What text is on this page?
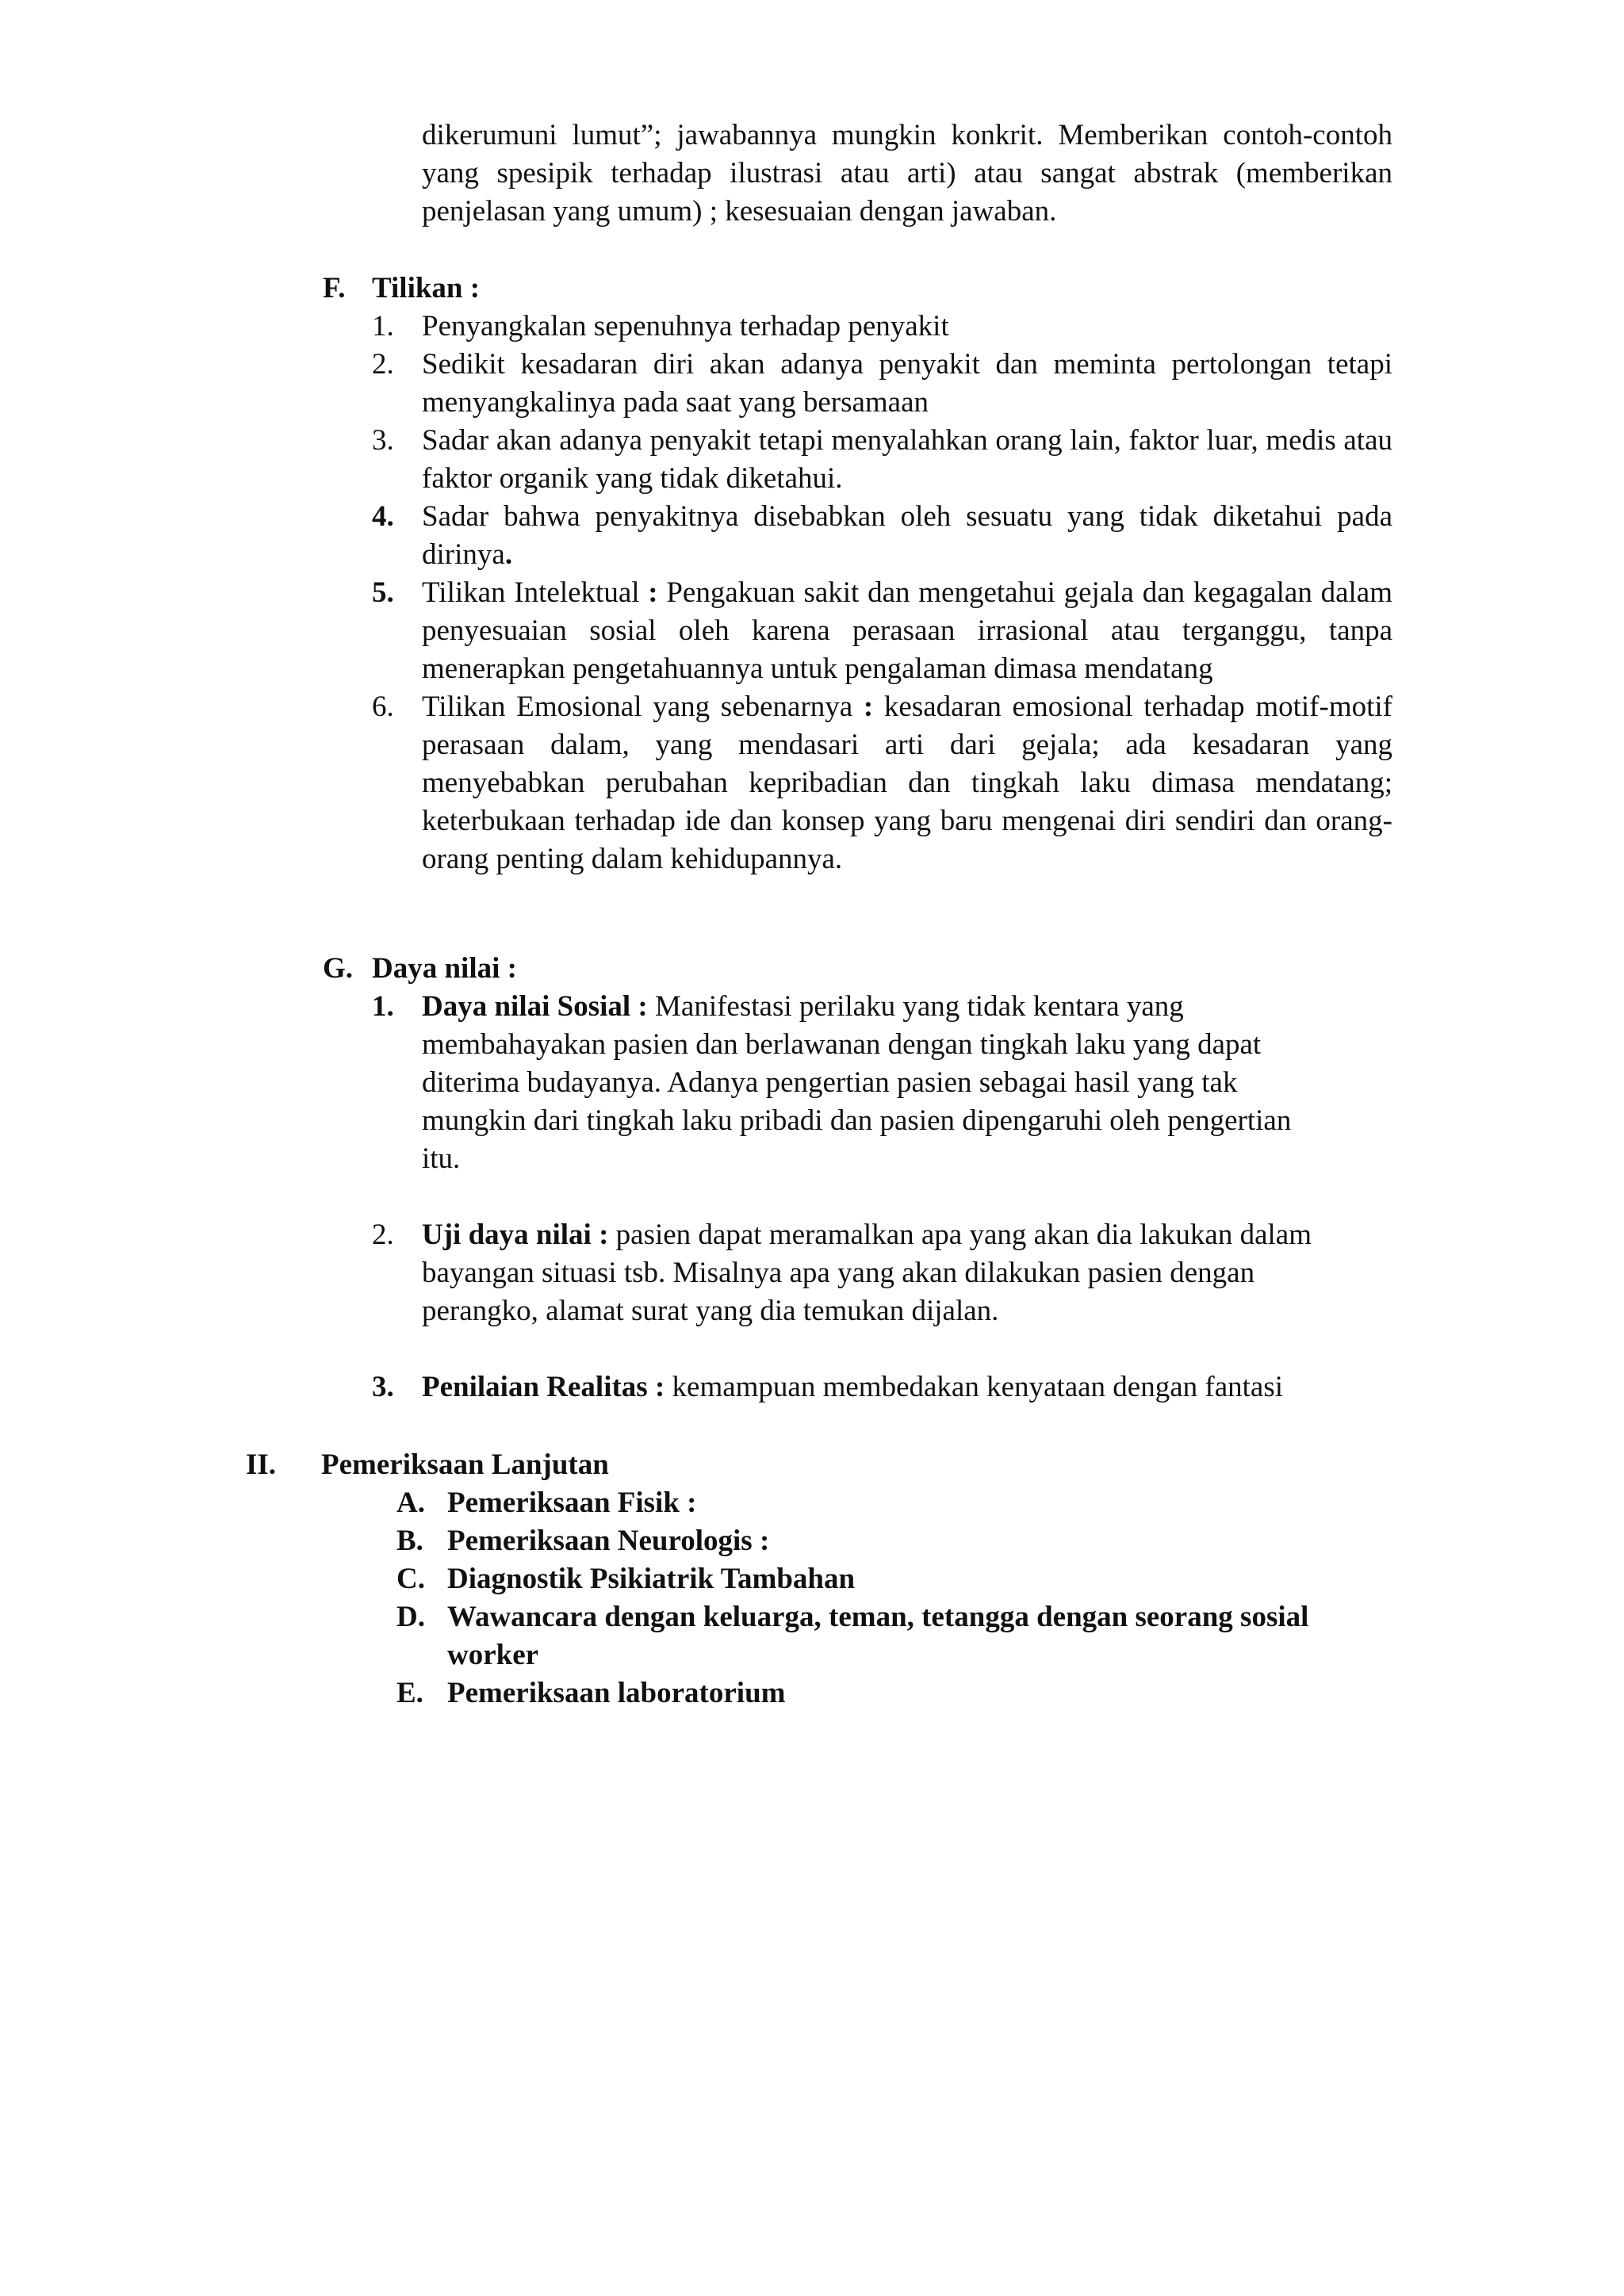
dikerumuni lumut”; jawabannya mungkin konkrit. Memberikan contoh-contoh yang spesipik terhadap ilustrasi atau arti) atau sangat abstrak (memberikan penjelasan yang umum) ; kesesuaian dengan jawaban.

F. Tilikan :
1. Penyangkalan sepenuhnya terhadap penyakit
2. Sedikit kesadaran diri akan adanya penyakit dan meminta pertolongan tetapi menyangkalinya pada saat yang bersamaan
3. Sadar akan adanya penyakit tetapi menyalahkan orang lain, faktor luar, medis atau faktor organik yang tidak diketahui.
4. Sadar bahwa penyakitnya disebabkan oleh sesuatu yang tidak diketahui pada dirinya.
5. Tilikan Intelektual : Pengakuan sakit dan mengetahui gejala dan kegagalan dalam penyesuaian sosial oleh karena perasaan irrasional atau terganggu, tanpa menerapkan pengetahuannya untuk pengalaman dimasa mendatang
6. Tilikan Emosional yang sebenarnya : kesadaran emosional terhadap motif-motif perasaan dalam, yang mendasari arti dari gejala; ada kesadaran yang menyebabkan perubahan kepribadian dan tingkah laku dimasa mendatang; keterbukaan terhadap ide dan konsep yang baru mengenai diri sendiri dan orang-orang penting dalam kehidupannya.
G. Daya nilai :
1. Daya nilai Sosial : Manifestasi perilaku yang tidak kentara yang membahayakan pasien dan berlawanan dengan tingkah laku yang dapat diterima budayanya. Adanya pengertian pasien sebagai hasil yang tak mungkin dari tingkah laku pribadi dan pasien dipengaruhi oleh pengertian itu.
2. Uji daya nilai : pasien dapat meramalkan apa yang akan dia lakukan dalam bayangan situasi tsb. Misalnya apa yang akan dilakukan pasien dengan perangko, alamat surat yang dia temukan dijalan.
3. Penilaian Realitas : kemampuan membedakan kenyataan dengan fantasi
II. Pemeriksaan Lanjutan
A. Pemeriksaan Fisik :
B. Pemeriksaan Neurologis :
C. Diagnostik Psikiatrik Tambahan
D. Wawancara dengan keluarga, teman, tetangga dengan seorang sosial worker
E. Pemeriksaan laboratorium
